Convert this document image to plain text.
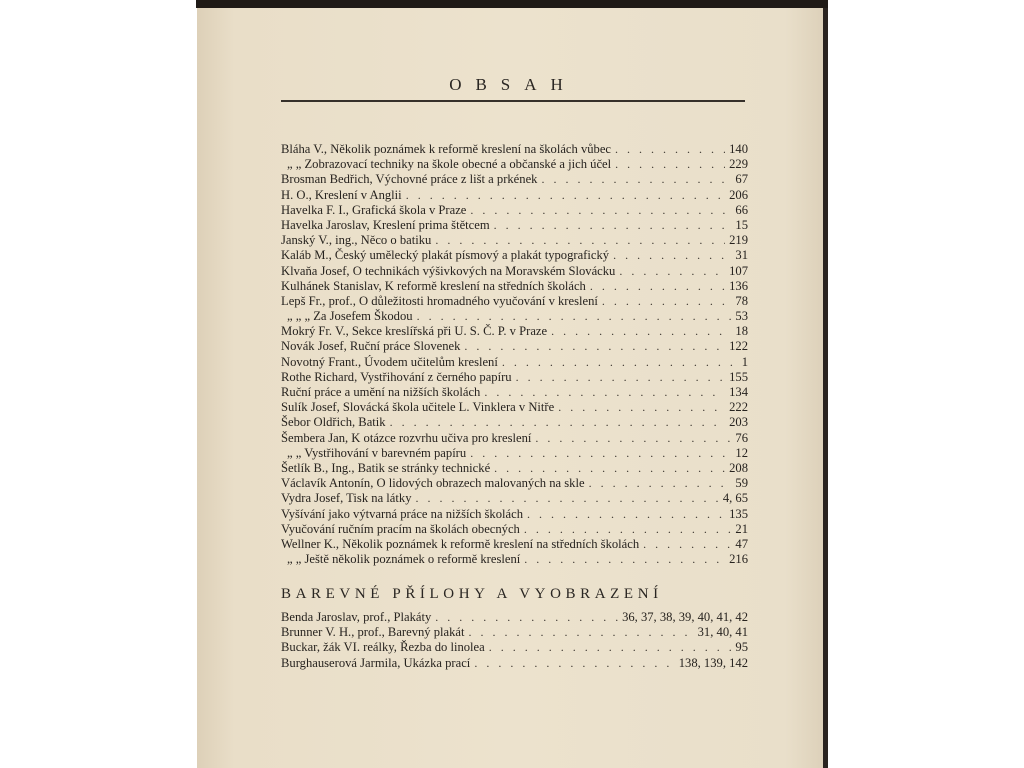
OBSAH
Bláha V., Několik poznámek k reformě kreslení na školách vůbec . . .	140
„ „ Zobrazovací techniky na škole obecné a občanské a jich účel . . .	229
Brosman Bedřich, Výchovné práce z lišt a prkének . . .	67
H. O., Kreslení v Anglii . . .	206
Havelka F. I., Grafická škola v Praze . . .	66
Havelka Jaroslav, Kreslení prima štětcem . . .	15
Janský V., ing., Něco o batiku . . .	219
Kaláb M., Český umělecký plakát písmový a plakát typografický . . .	31
Klvaňa Josef, O technikách výšivkových na Moravském Slovácku . . .	107
Kulhánek Stanislav, K reformě kreslení na středních školách . . .	136
Lepš Fr., prof., O důležitosti hromadného vyučování v kreslení . . .	78
„ „ „ Za Josefem Škodou . . .	53
Mokrý Fr. V., Sekce kreslířská při U. S. Č. P. v Praze . . .	18
Novák Josef, Ruční práce Slovenek . . .	122
Novotný Frant., Úvodem učitelům kreslení . . .	1
Rothe Richard, Vystřihování z černého papíru . . .	155
Ruční práce a umění na nižších školách . . .	134
Sulík Josef, Slovácká škola učitele L. Vinklera v Nitře . . .	222
Šebor Oldřich, Batik . . .	203
Šembera Jan, K otázce rozvrhu učiva pro kreslení . . .	76
„ „ Vystřihování v barevném papíru . . .	12
Šetlík B., Ing., Batik se stránky technické . . .	208
Václavík Antonín, O lidových obrazech malovaných na skle . . .	59
Vydra Josef, Tisk na látky . . .	4, 65
Vyšívání jako výtvarná práce na nižších školách . . .	135
Vyučování ručním pracím na školách obecných . . .	21
Wellner K., Několik poznámek k reformě kreslení na středních školách . . .	47
„ „ Ještě několik poznámek o reformě kreslení . . .	216
BAREVNÉ PŘÍLOHY A VYOBRAZENÍ
Benda Jaroslav, prof., Plakáty . . .	36, 37, 38, 39, 40, 41, 42
Brunner V. H., prof., Barevný plakát . . .	31, 40, 41
Buckar, žák VI. reálky, Řezba do linolea . . .	95
Burghauserová Jarmila, Ukázka prací . . .	138, 139, 142
